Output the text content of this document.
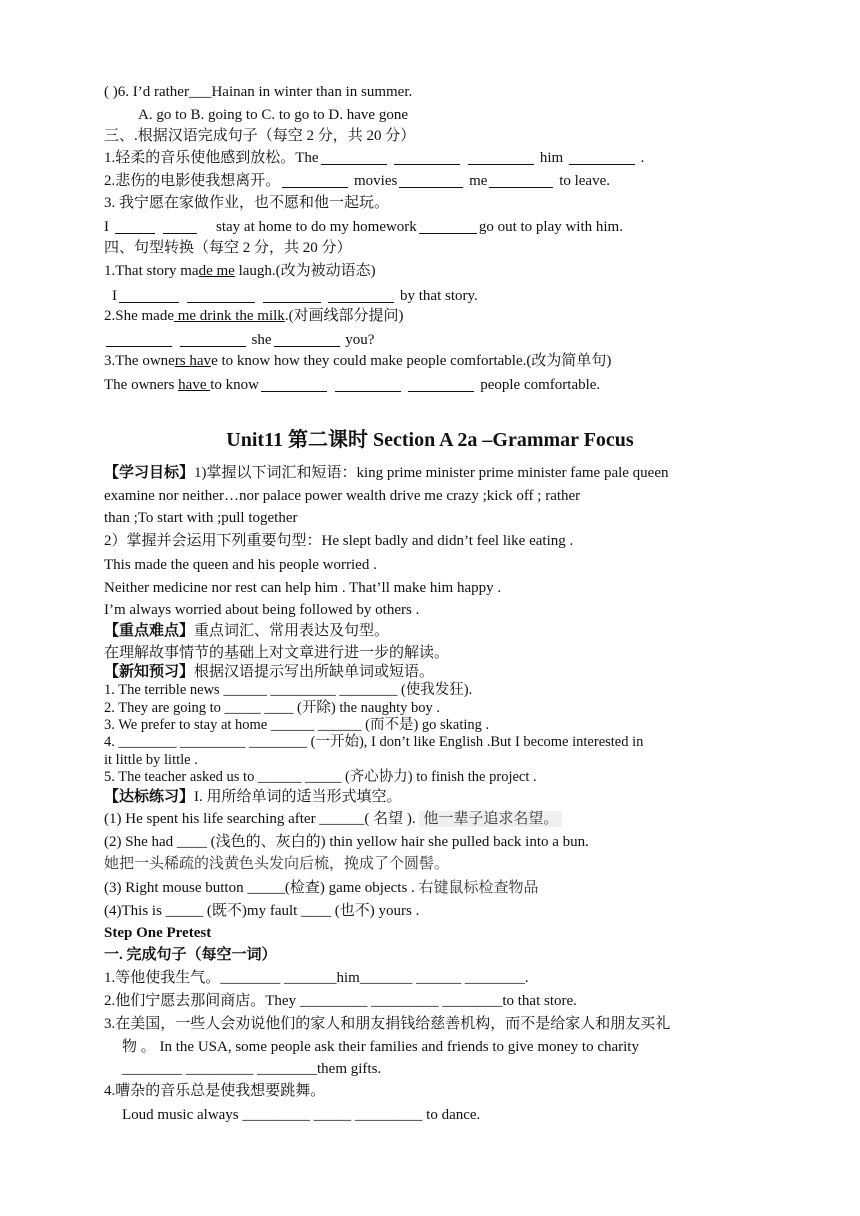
( )6. I’d rather___Hainan in winter than in summer.
A. go to B. going to C. to go to D. have gone
三、.根据汉语完成句子（每空 2 分，共 20 分）
1.轻柔的音乐使他感到放松。The	him	.
2.悲伤的电影使我想离开。	movies	me	to leave.
3. 我宁愿在家做作业，也不愿和他一起玩。
I	stay at home to do my homework	go out to play with him.
四、句型转换（每空 2 分，共 20 分）
1.That story made me laugh.(改为被动语态)
I	by that story.
2.She made me drink the milk.(对画线部分提问)
she	you?
3.The owners have to know how they could make people comfortable.(改为简单句)
The owners have to know	people comfortable.
Unit11 第二课时 Section A 2a –Grammar Focus
【学习目标】1)掌握以下词汇和短语：king prime minister prime minister fame pale queen
examine nor neither…nor palace power wealth drive me crazy ;kick off ; rather
than ;To start with ;pull together
2）掌握并会运用下列重要句型：He slept badly and didn’t feel like eating .
This made the queen and his people worried .
Neither medicine nor rest can help him . That’ll make him happy .
I’m always worried about being followed by others .
【重点难点】重点词汇、常用表达及句型。
在理解故事情节的基础上对文章进行进一步的解读。
【新知预习】根据汉语提示写出所缺单词或短语。
1. The terrible news ______ _________ ________ (使我发狂).
2. They are going to _____ ____ (开除) the naughty boy .
3. We prefer to stay at home ______ ______ (而不是) go skating .
4. ________ _________ ________ (一开始), I don’t like English .But I become interested in
it little by little .
5. The teacher asked us to ______ _____ (齐心协力) to finish the project .
【达标练习】I. 用所给单词的适当形式填空。
(1) He spent his life searching after ______( 名望 ). 他一辈子追求名望。
(2) She had ____ (浅色的、灰白的) thin yellow hair she pulled back into a bun.
她把一头稀疏的浅黄色头发向后梳，挽成了个圆髻。
(3) Right mouse button _____(检查) game objects . 右键鼠标检查物品
(4)This is _____ (既不)my fault ____ (也不) yours .
Step One Pretest
一. 完成句子（每空一词）
1.等他使我生气。________ _______him_______ ______ ________.
2.他们宁愿去那间商店。They _________ _________ ________to that store.
3.在美国，一些人会劝说他们的家人和朋友捐钱给慈善机构，而不是给家人和朋友买礼
物 。 In the USA, some people ask their families and friends to give money to charity
________ _________ ________them gifts.
4.嘈杂的音乐总是使我想要跳舞。
Loud music always _________ _____ _________ to dance.
